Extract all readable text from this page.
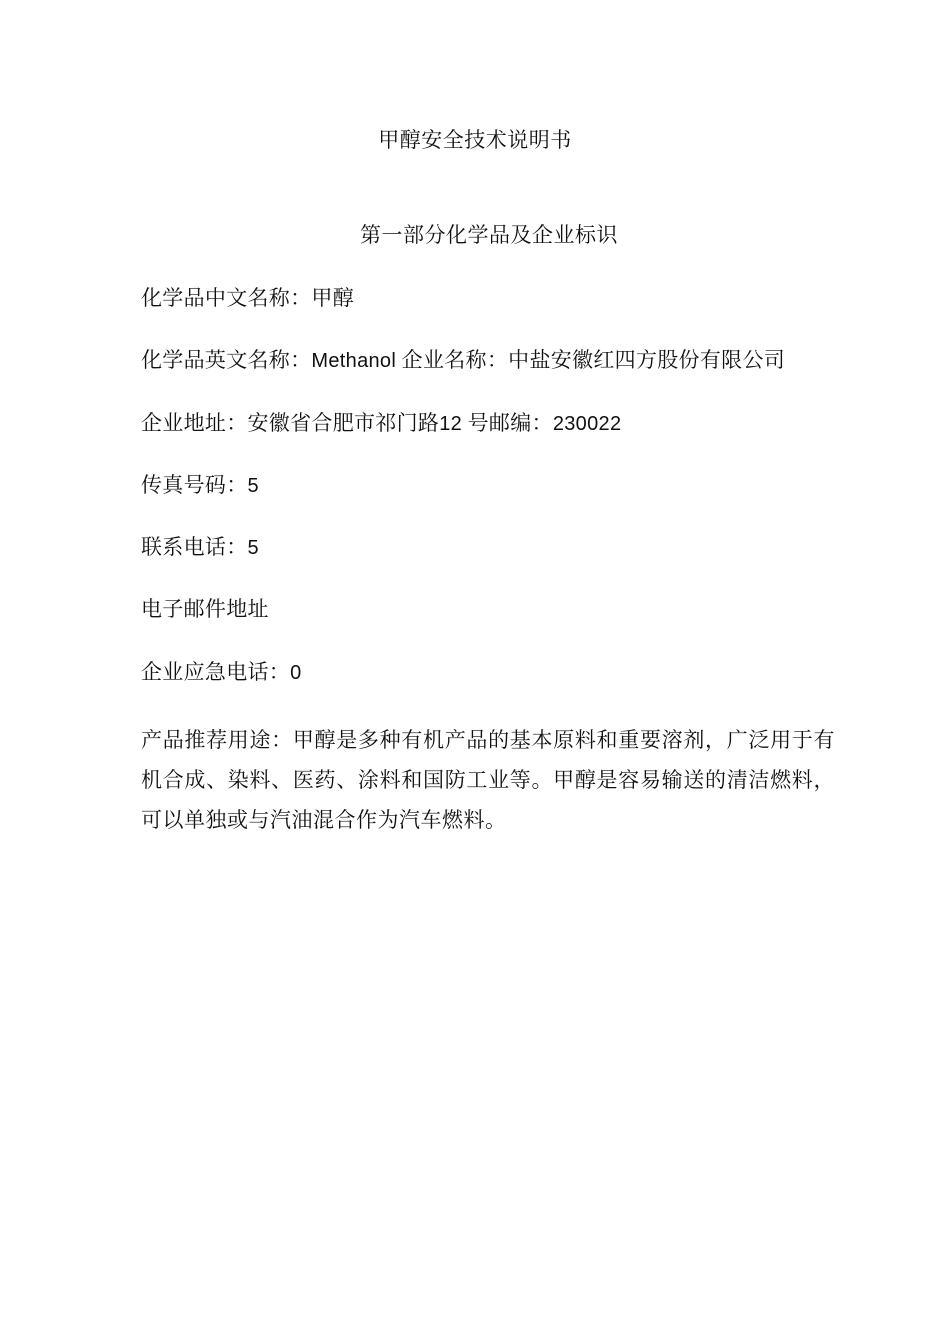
甲醇安全技术说明书
第一部分化学品及企业标识
化学品中文名称：甲醇
化学品英文名称：Methanol 企业名称：中盐安徽红四方股份有限公司
企业地址：安徽省合肥市祁门路12 号邮编：230022
传真号码：5
联系电话：5
电子邮件地址
企业应急电话：0

产品推荐用途：甲醇是多种有机产品的基本原料和重要溶剂，广泛用于有机合成、染料、医药、涂料和国防工业等。甲醇是容易输送的清洁燃料，可以单独或与汽油混合作为汽车燃料。
